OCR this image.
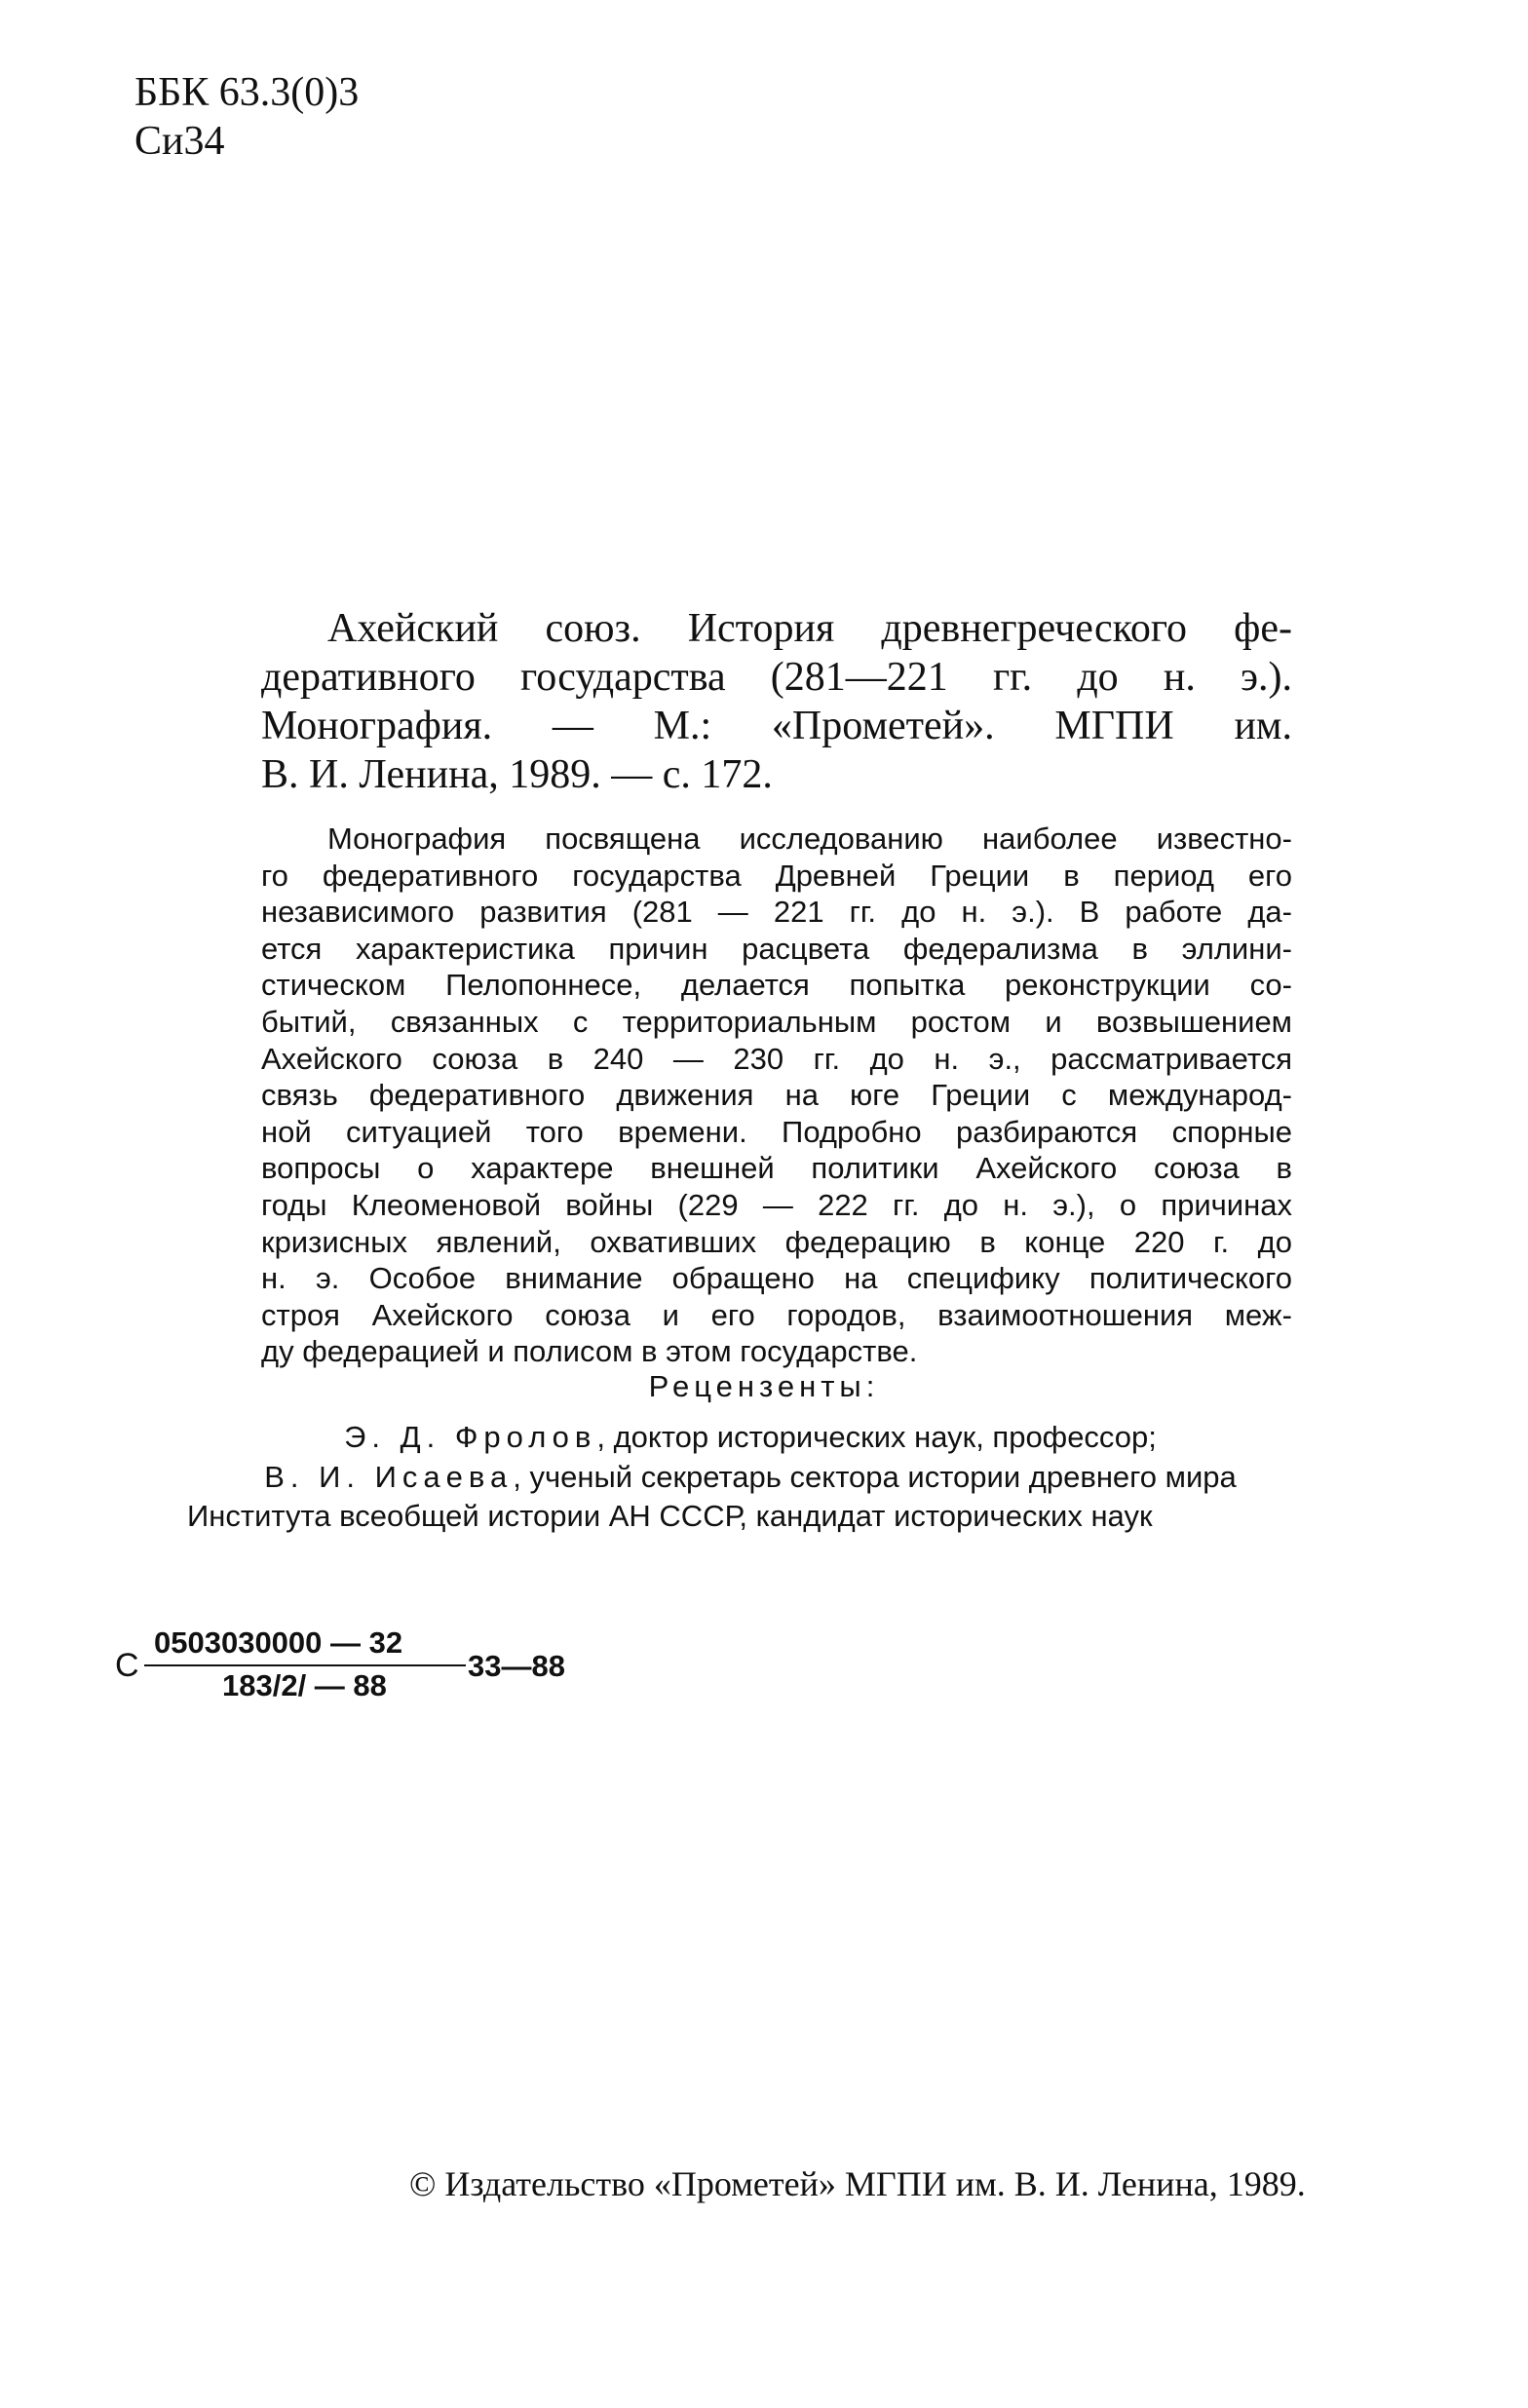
ББК 63.3(0)3
Си34
Ахейский союз. История древнегреческого фе-
деративного государства (281—221 гг. до н. э.).
Монография. — М.: «Прометей». МГПИ им.
В. И. Ленина, 1989. — с. 172.
Монография посвящена исследованию наиболее известно-
го федеративного государства Древней Греции в период его
независимого развития (281 — 221 гг. до н. э.). В работе да-
ется характеристика причин расцвета федерализма в эллини-
стическом Пелопоннесе, делается попытка реконструкции со-
бытий, связанных с территориальным ростом и возвышением
Ахейского союза в 240 — 230 гг. до н. э., рассматривается
связь федеративного движения на юге Греции с международ-
ной ситуацией того времени. Подробно разбираются спорные
вопросы о характере внешней политики Ахейского союза в
годы Клеоменовой войны (229 — 222 гг. до н. э.), о причинах
кризисных явлений, охвативших федерацию в конце 220 г. до
н. э. Особое внимание обращено на специфику политического
строя Ахейского союза и его городов, взаимоотношения меж-
ду федерацией и полисом в этом государстве.
Рецензенты:
Э. Д. Фролов, доктор исторических наук, профессор;
В. И. Исаева, ученый секретарь сектора истории древнего мира
Института всеобщей истории АН СССР, кандидат исторических наук
С
0503030000 — 32
183/2/ — 88
33—88
© Издательство «Прометей» МГПИ им. В. И. Ленина, 1989.
